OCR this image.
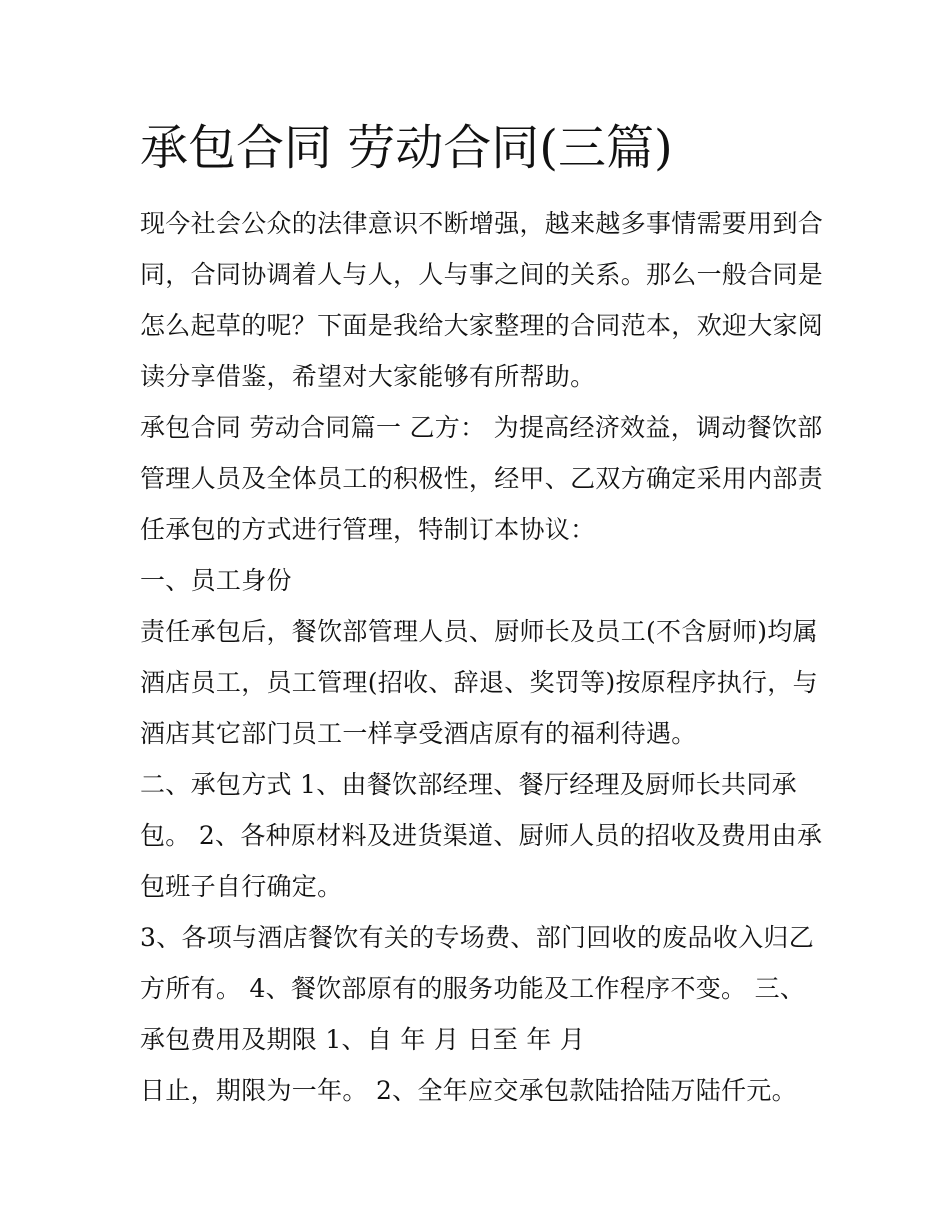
承包合同 劳动合同(三篇)
现今社会公众的法律意识不断增强，越来越多事情需要用到合
同，合同协调着人与人，人与事之间的关系。那么一般合同是
怎么起草的呢？下面是我给大家整理的合同范本，欢迎大家阅
读分享借鉴，希望对大家能够有所帮助。
承包合同 劳动合同篇一 乙方： 为提高经济效益，调动餐饮部
管理人员及全体员工的积极性，经甲、乙双方确定采用内部责
任承包的方式进行管理，特制订本协议：
一、员工身份
责任承包后，餐饮部管理人员、厨师长及员工(不含厨师)均属
酒店员工，员工管理(招收、辞退、奖罚等)按原程序执行，与
酒店其它部门员工一样享受酒店原有的福利待遇。
二、承包方式 1、由餐饮部经理、餐厅经理及厨师长共同承
包。 2、各种原材料及进货渠道、厨师人员的招收及费用由承
包班子自行确定。
3、各项与酒店餐饮有关的专场费、部门回收的废品收入归乙
方所有。 4、餐饮部原有的服务功能及工作程序不变。 三、
承包费用及期限 1、自 年 月 日至 年 月
日止，期限为一年。 2、全年应交承包款陆拾陆万陆仟元。
